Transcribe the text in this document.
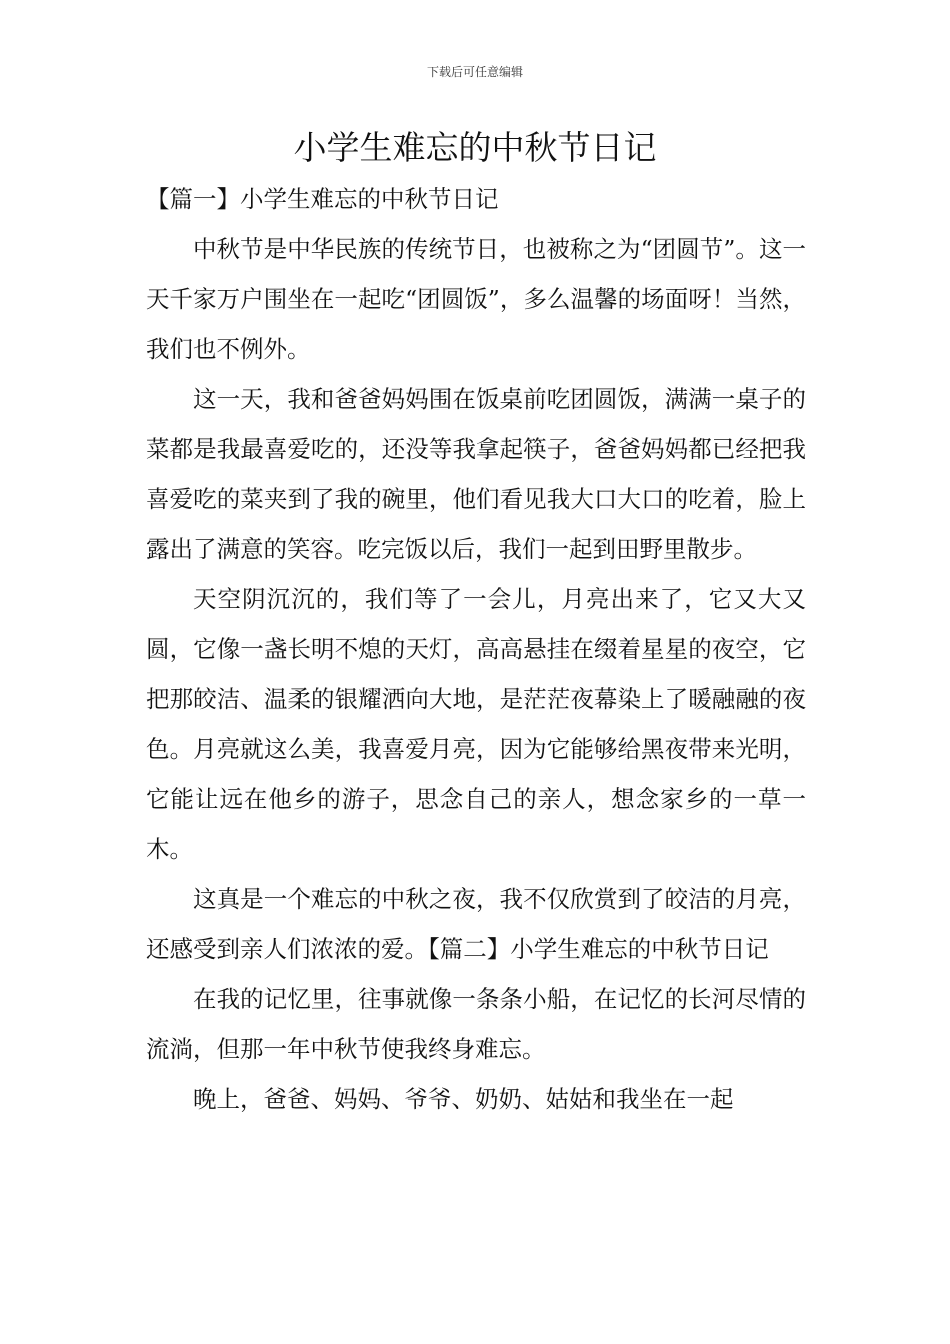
下载后可任意编辑
小学生难忘的中秋节日记
【篇一】小学生难忘的中秋节日记

中秋节是中华民族的传统节日，也被称之为“团圆节”。这一天千家万户围坐在一起吃“团圆饭”，多么温馨的场面呀！当然，我们也不例外。

这一天，我和爸爸妈妈围在饭桌前吃团圆饭，满满一桌子的菜都是我最喜爱吃的，还没等我拿起筷子，爸爸妈妈都已经把我喜爱吃的菜夹到了我的碗里，他们看见我大口大口的吃着，脸上露出了满意的笑容。吃完饭以后，我们一起到田野里散步。

天空阴沉沉的，我们等了一会儿，月亮出来了，它又大又圆，它像一盏长明不熄的天灯，高高悬挂在缀着星星的夜空，它把那皎洁、温柔的银耀洒向大地，是茫茫夜幕染上了暖融融的夜色。月亮就这么美，我喜爱月亮，因为它能够给黑夜带来光明，它能让远在他乡的游子，思念自己的亲人，想念家乡的一草一木。

这真是一个难忘的中秋之夜，我不仅欣赏到了皎洁的月亮，还感受到亲人们浓浓的爱。【篇二】小学生难忘的中秋节日记

在我的记忆里，往事就像一条条小船，在记忆的长河尽情的流淌，但那一年中秋节使我终身难忘。

晚上，爸爸、妈妈、爷爷、奶奶、姑姑和我坐在一起
